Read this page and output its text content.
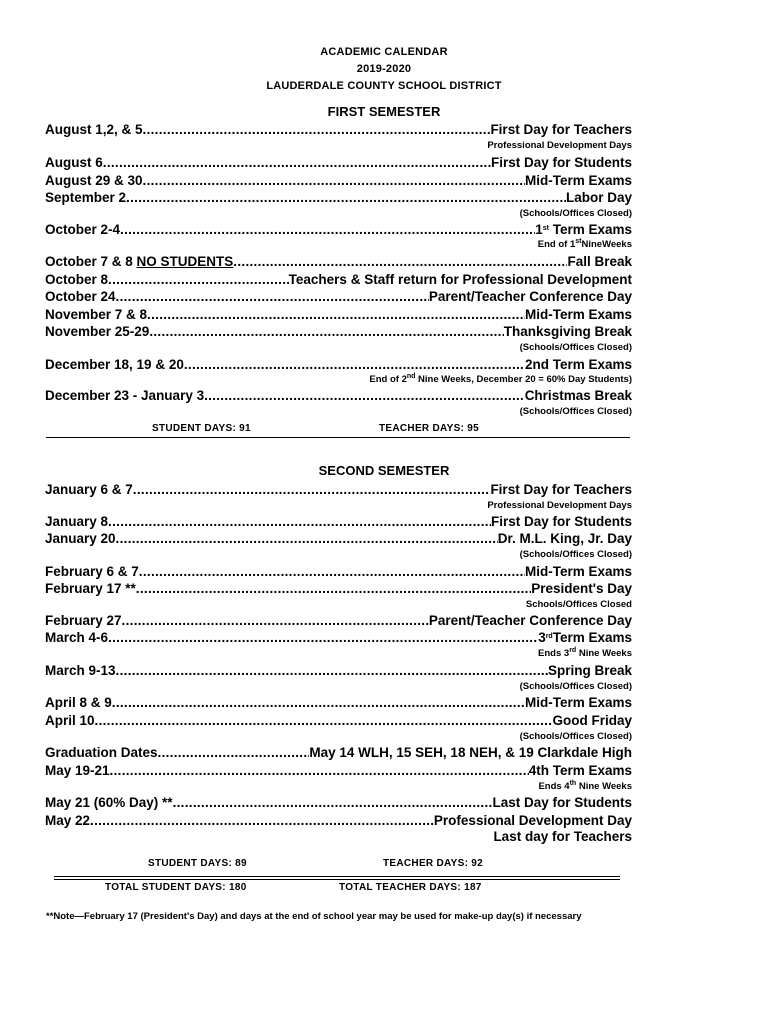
ACADEMIC CALENDAR
2019-2020
LAUDERDALE COUNTY SCHOOL DISTRICT
FIRST SEMESTER
August 1,2, & 5 .....	First Day for Teachers
Professional Development Days
August 6 .....	First Day for Students
August 29 & 30 .....	Mid-Term Exams
September 2 .....	Labor Day
(Schools/Offices Closed)
October 2-4 .....	1st Term Exams
End of 1stNineWeeks
October 7 & 8 NO STUDENTS .....	Fall Break
October 8 .....	Teachers & Staff return for Professional Development
October 24 .....	Parent/Teacher Conference Day
November 7 & 8 .....	Mid-Term Exams
November 25-29 .....	Thanksgiving Break
(Schools/Offices Closed)
December 18, 19 & 20 .....	2nd Term Exams
End of 2nd Nine Weeks, December 20 = 60% Day Students)
December 23 - January 3 .....	Christmas Break
(Schools/Offices Closed)
STUDENT DAYS: 91	TEACHER DAYS: 95
SECOND SEMESTER
January 6 & 7 .....	First Day for Teachers
Professional Development Days
January 8 .....	First Day for Students
January 20 .....	Dr. M.L. King, Jr. Day
(Schools/Offices Closed)
February 6 & 7 .....	Mid-Term Exams
February 17 ** .....	President's Day
Schools/Offices Closed
February 27 .....	Parent/Teacher Conference Day
March 4-6 .....	3rdTerm Exams
Ends 3rd Nine Weeks
March 9-13 .....	Spring Break
(Schools/Offices Closed)
April 8 & 9 .....	Mid-Term Exams
April 10 .....	Good Friday
(Schools/Offices Closed)
Graduation Dates .....	May 14 WLH, 15 SEH, 18 NEH, & 19 Clarkdale High
May 19-21 .....	4th Term Exams
Ends 4th Nine Weeks
May 21 (60% Day) ** .....	Last Day for Students
May 22 .....	Professional Development Day
Last day for Teachers
STUDENT DAYS: 89	TEACHER DAYS: 92
TOTAL STUDENT DAYS: 180	TOTAL TEACHER DAYS: 187
**Note—February 17 (President's Day) and days at the end of school year may be used for make-up day(s) if necessary
